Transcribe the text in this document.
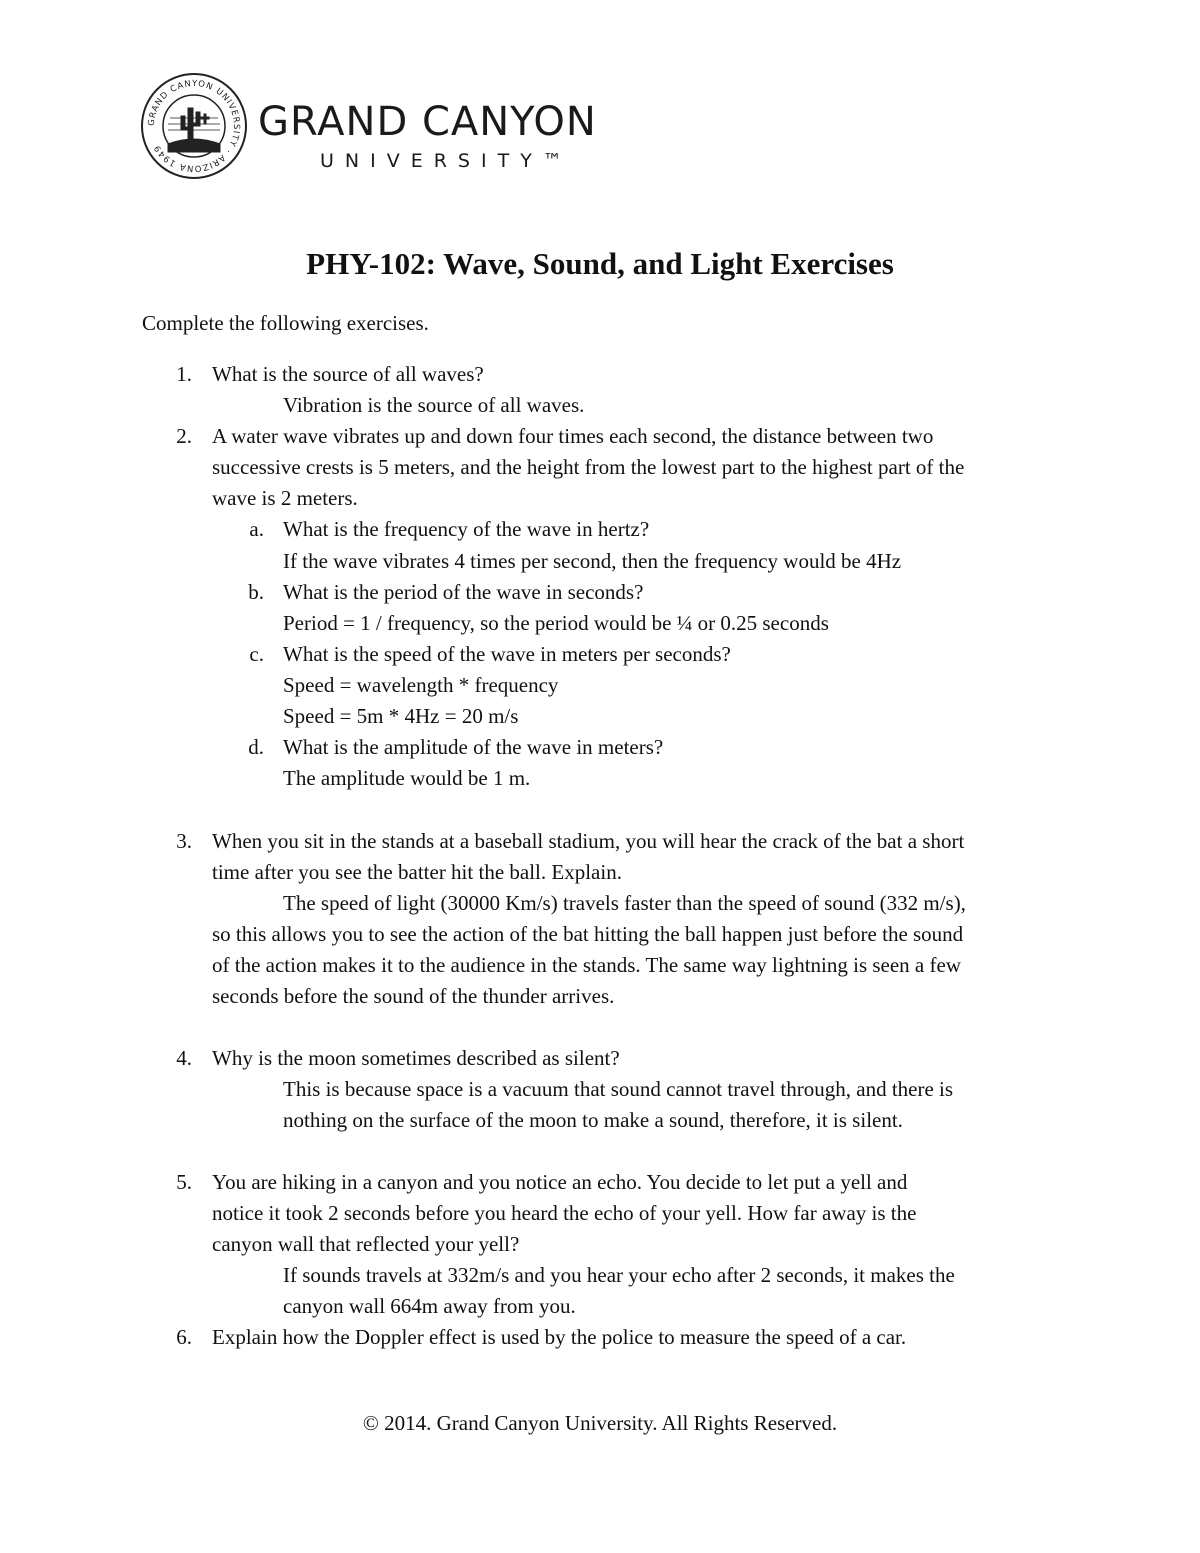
GRAND CANYON UNIVERSITY · ARIZONA 1949
GRAND CANYON
UNIVERSITY™
PHY-102: Wave, Sound, and Light Exercises

Complete the following exercises.

1. What is the source of all waves?

Vibration is the source of all waves.

2. A water wave vibrates up and down four times each second, the distance between two

successive crests is 5 meters, and the height from the lowest part to the highest part of the

wave is 2 meters.

a. What is the frequency of the wave in hertz?

If the wave vibrates 4 times per second, then the frequency would be 4Hz

b. What is the period of the wave in seconds?

Period = 1 / frequency, so the period would be ¼ or 0.25 seconds

c. What is the speed of the wave in meters per seconds?

Speed = wavelength * frequency

Speed = 5m * 4Hz = 20 m/s

d. What is the amplitude of the wave in meters?

The amplitude would be 1 m.

3. When you sit in the stands at a baseball stadium, you will hear the crack of the bat a short

time after you see the batter hit the ball. Explain.

The speed of light (30000 Km/s) travels faster than the speed of sound (332 m/s),

so this allows you to see the action of the bat hitting the ball happen just before the sound

of the action makes it to the audience in the stands. The same way lightning is seen a few

seconds before the sound of the thunder arrives.

4. Why is the moon sometimes described as silent?

This is because space is a vacuum that sound cannot travel through, and there is

nothing on the surface of the moon to make a sound, therefore, it is silent.

5. You are hiking in a canyon and you notice an echo. You decide to let put a yell and

notice it took 2 seconds before you heard the echo of your yell. How far away is the

canyon wall that reflected your yell?

If sounds travels at 332m/s and you hear your echo after 2 seconds, it makes the

canyon wall 664m away from you.

6. Explain how the Doppler effect is used by the police to measure the speed of a car.

© 2014. Grand Canyon University. All Rights Reserved.
